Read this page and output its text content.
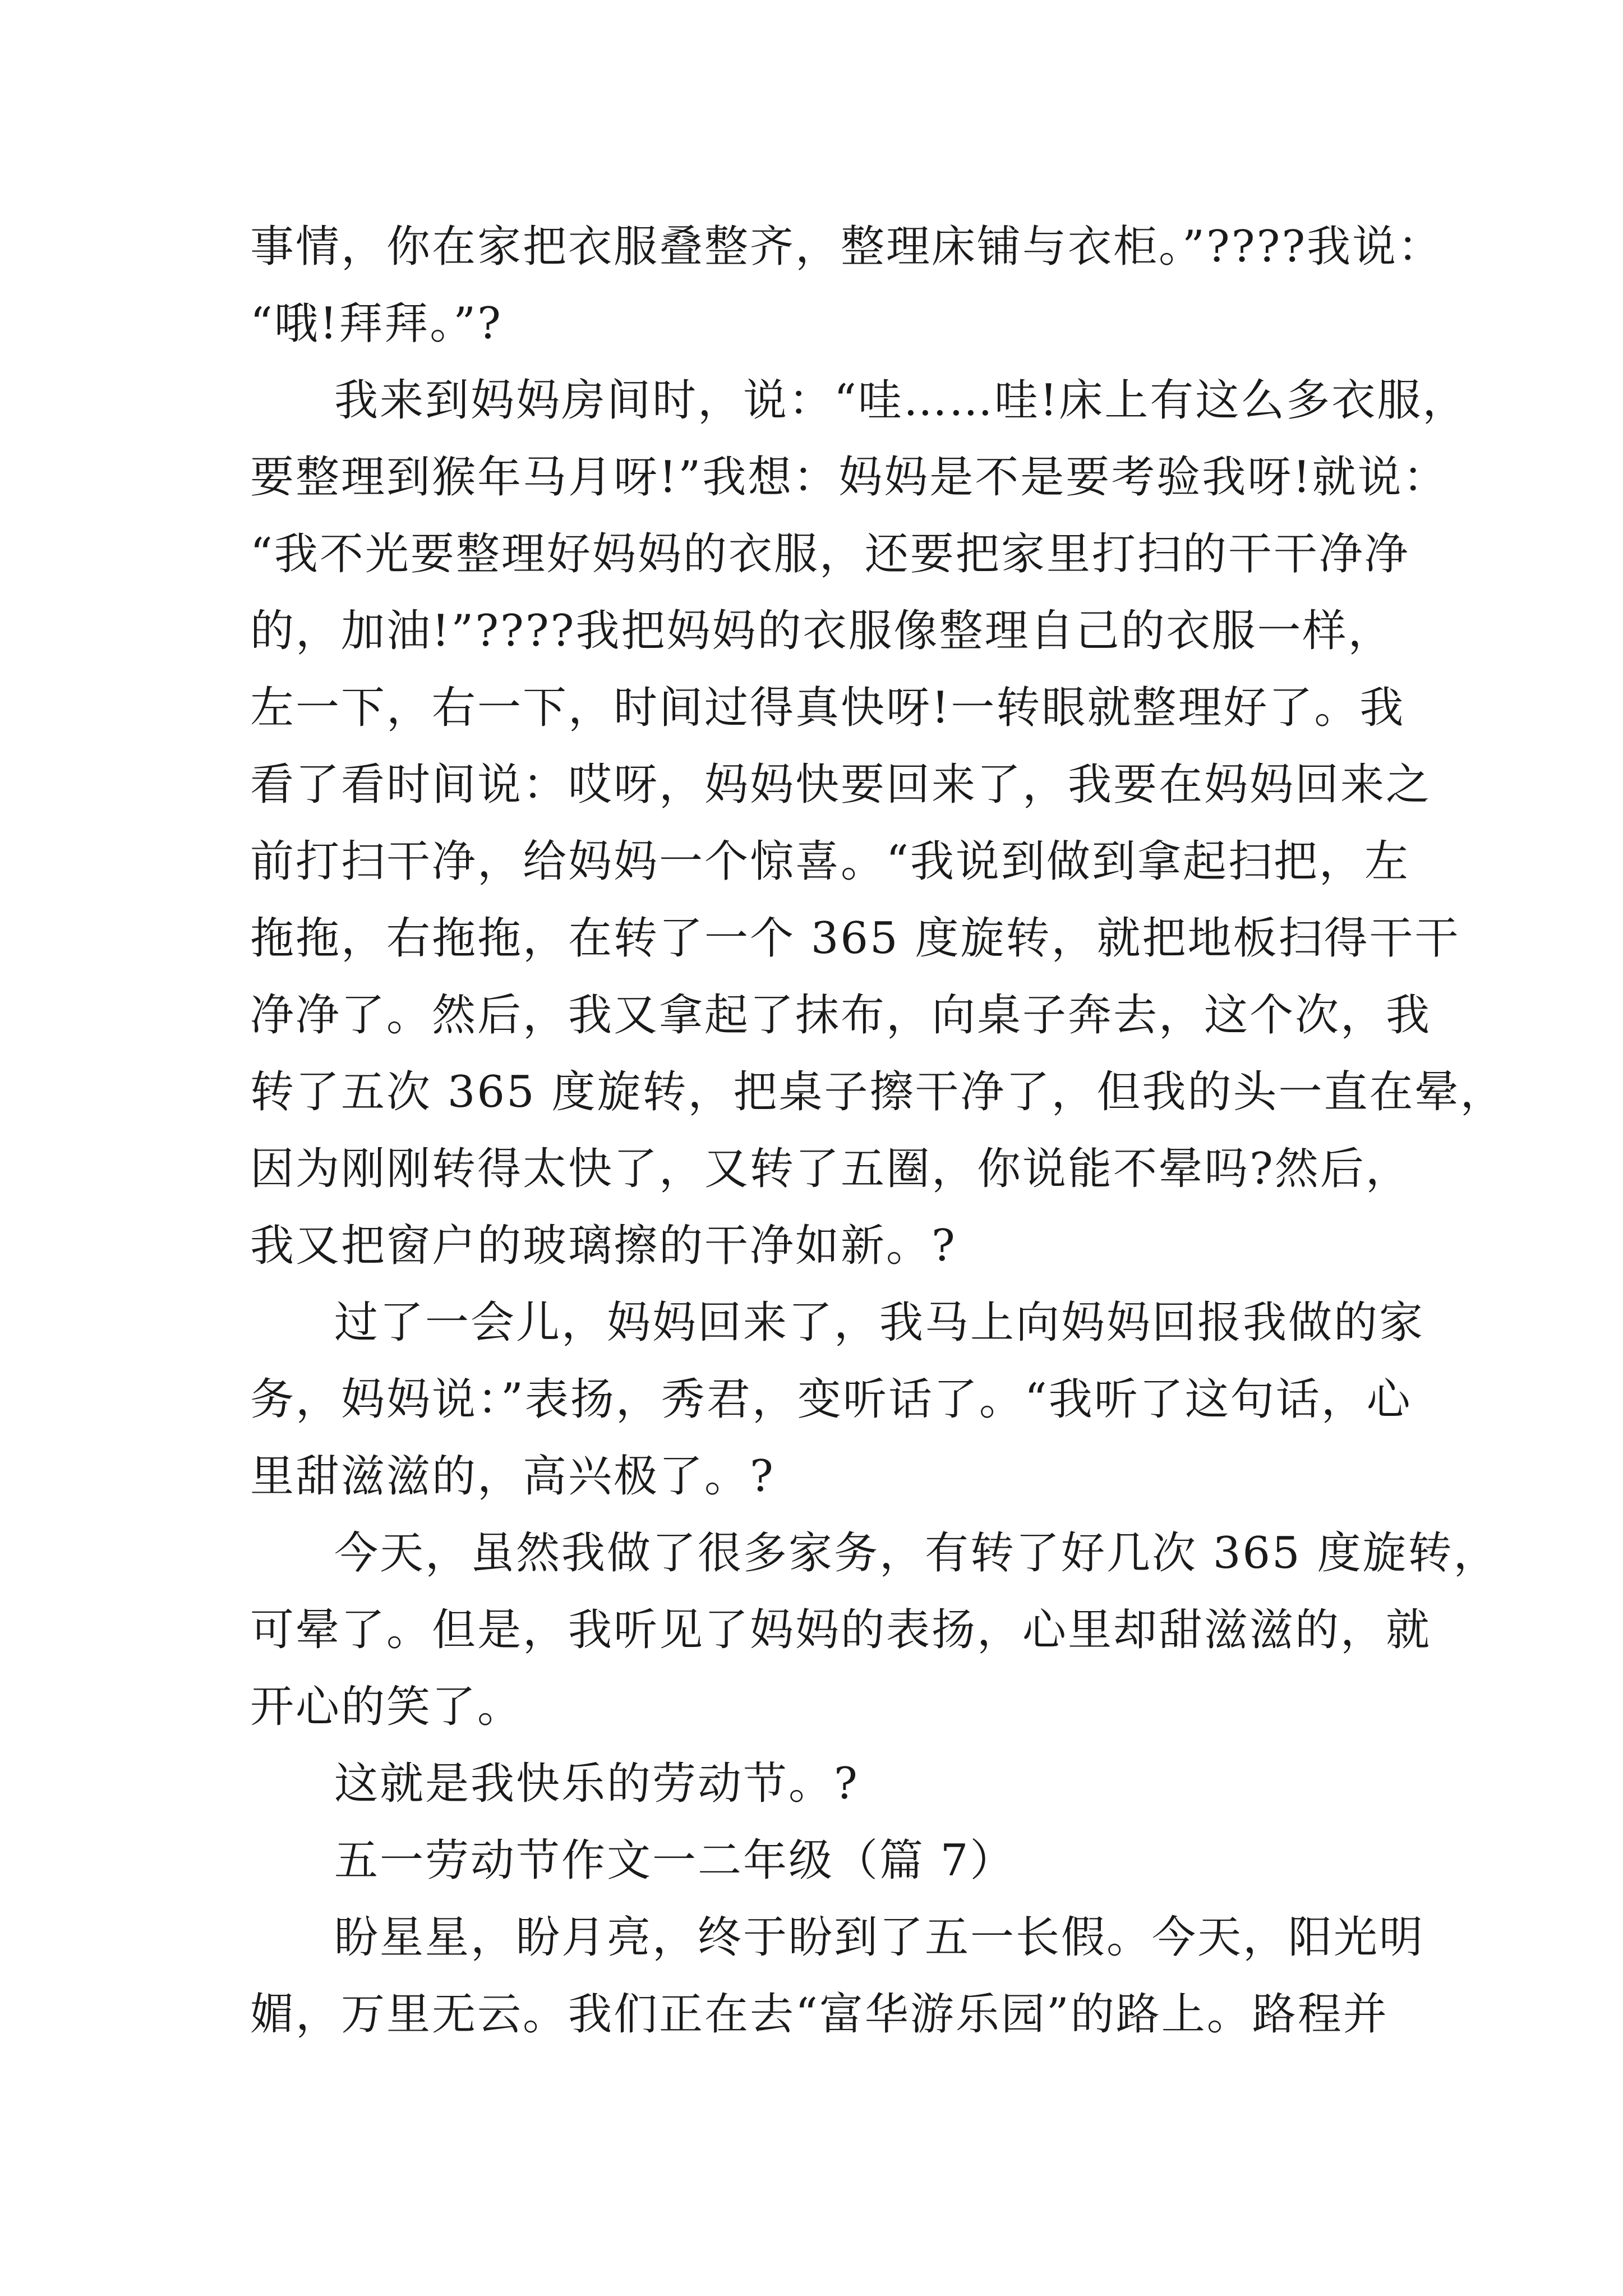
事情，你在家把衣服叠整齐，整理床铺与衣柜。”????我说：
“哦!拜拜。”?
我来到妈妈房间时，说：“哇……哇!床上有这么多衣服，
要整理到猴年马月呀!”我想：妈妈是不是要考验我呀!就说：
“我不光要整理好妈妈的衣服，还要把家里打扫的干干净净
的，加油!”????我把妈妈的衣服像整理自己的衣服一样，
左一下，右一下，时间过得真快呀!一转眼就整理好了。我
看了看时间说：哎呀，妈妈快要回来了，我要在妈妈回来之
前打扫干净，给妈妈一个惊喜。“我说到做到拿起扫把，左
拖拖，右拖拖，在转了一个 365 度旋转，就把地板扫得干干
净净了。然后，我又拿起了抹布，向桌子奔去，这个次，我
转了五次 365 度旋转，把桌子擦干净了，但我的头一直在晕，
因为刚刚转得太快了，又转了五圈，你说能不晕吗?然后，
我又把窗户的玻璃擦的干净如新。?
过了一会儿，妈妈回来了，我马上向妈妈回报我做的家
务，妈妈说：”表扬，秀君，变听话了。“我听了这句话，心
里甜滋滋的，高兴极了。?
今天，虽然我做了很多家务，有转了好几次 365 度旋转，
可晕了。但是，我听见了妈妈的表扬，心里却甜滋滋的，就
开心的笑了。
这就是我快乐的劳动节。?
五一劳动节作文一二年级（篇 7）
盼星星，盼月亮，终于盼到了五一长假。今天，阳光明
媚，万里无云。我们正在去“富华游乐园”的路上。路程并
